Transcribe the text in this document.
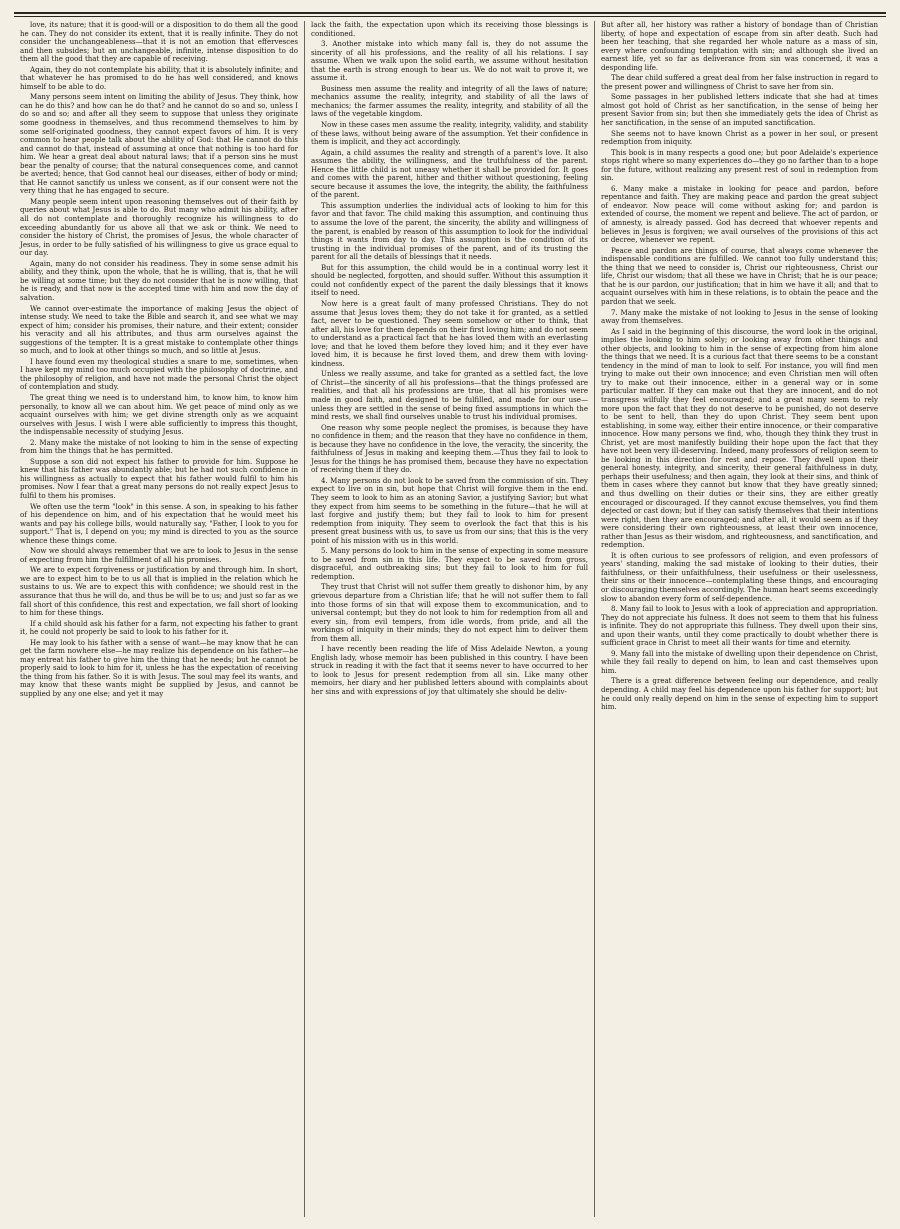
love, its nature; that it is good-will or a disposition to do them all the good he can. They do not consider its extent, that it is really infinite. They do not consider the unchangeableness—that it is not an emotion that effervesces and then subsides; but an unchangeable, infinite, intense disposition to do them all the good that they are capable of receiving.

Again, they do not contemplate his ability, that it is absolutely infinite; and that whatever he has promised to do he has well considered, and knows himself to be able to do.

Many persons seem intent on limiting the ability of Jesus. They think, how can he do this? and how can he do that? and he cannot do so and so, unless I do so and so; and after all they seem to suppose that unless they originate some goodness in themselves, and thus recommend themselves to him by some self-originated goodness, they cannot expect favors of him. It is very common to hear people talk about the ability of God: that He cannot do this and cannot do that, instead of assuming at once that nothing is too hard for him. We hear a great deal about natural laws; that if a person sins he must bear the penalty of course; that the natural consequences come, and cannot be averted; hence, that God cannot heal our diseases, either of body or mind; that He cannot sanctify us unless we consent, as if our consent were not the very thing that he has engaged to secure.

Many people seem intent upon reasoning themselves out of their faith by queries about what Jesus is able to do. But many who admit his ability, after all do not contemplate and thoroughly recognize his willingness to do exceeding abundantly for us above all that we ask or think. We need to consider the history of Christ, the promises of Jesus, the whole character of Jesus, in order to be fully satisfied of his willingness to give us grace equal to our day.

Again, many do not consider his readiness. They in some sense admit his ability, and they think, upon the whole, that he is willing, that is, that he will be willing at some time; but they do not consider that he is now willing, that he is ready, and that now is the accepted time with him and now the day of salvation.

We cannot over-estimate the importance of making Jesus the object of intense study. We need to take the Bible and search it, and see what we may expect of him; consider his promises, their nature, and their extent; consider his veracity and all his attributes, and thus arm ourselves against the suggestions of the tempter. It is a great mistake to contemplate other things so much, and to look at other things so much, and so little at Jesus.

I have found even my theological studies a snare to me, sometimes, when I have kept my mind too much occupied with the philosophy of doctrine, and the philosophy of religion, and have not made the personal Christ the object of contemplation and study.

The great thing we need is to understand him, to know him, to know him personally, to know all we can about him. We get peace of mind only as we acquaint ourselves with him; we get divine strength only as we acquaint ourselves with Jesus. I wish I were able sufficiently to impress this thought, the indispensable necessity of studying Jesus.

2. Many make the mistake of not looking to him in the sense of expecting from him the things that he has permitted.

Suppose a son did not expect his father to provide for him. Suppose he knew that his father was abundantly able; but he had not such confidence in his willingness as actually to expect that his father would fulfil to him his promises. Now I fear that a great many persons do not really expect Jesus to fulfil to them his promises.

We often use the term "look" in this sense. A son, in speaking to his father of his dependence on him, and of his expectation that he would meet his wants and pay his college bills, would naturally say, "Father, I look to you for support." That is, I depend on you; my mind is directed to you as the source whence these things come.

Now we should always remember that we are to look to Jesus in the sense of expecting from him the fulfillment of all his promises.

We are to expect forgiveness or justification by and through him. In short, we are to expect him to be to us all that is implied in the relation which he sustains to us. We are to expect this with confidence; we should rest in the assurance that thus he will do, and thus be will be to us; and just so far as we fall short of this confidence, this rest and expectation, we fall short of looking to him for these things.

If a child should ask his father for a farm, not expecting his father to grant it, he could not properly be said to look to his father for it.

He may look to his father with a sense of want—he may know that he can get the farm nowhere else—he may realize his dependence on his father—he may entreat his father to give him the thing that he needs; but he cannot be properly said to look to him for it, unless he has the expectation of receiving the thing from his father. So it is with Jesus. The soul may feel its wants, and may know that these wants might be supplied by Jesus, and cannot be supplied by any one else; and yet it may

lack the faith, the expectation upon which its receiving those blessings is conditioned.

3. Another mistake into which many fall is, they do not assume the sincerity of all his professions, and the reality of all his relations. I say assume. When we walk upon the solid earth, we assume without hesitation that the earth is strong enough to bear us. We do not wait to prove it, we assume it.

Business men assume the reality and integrity of all the laws of nature; mechanics assume the reality, integrity, and stability of all the laws of mechanics; the farmer assumes the reality, integrity, and stability of all the laws of the vegetable kingdom.

Now in these cases men assume the reality, integrity, validity, and stability of these laws, without being aware of the assumption. Yet their confidence in them is implicit, and they act accordingly.

Again, a child assumes the reality and strength of a parent's love. It also assumes the ability, the willingness, and the truthfulness of the parent. Hence the little child is not uneasy whether it shall be provided for. It goes and comes with the parent, hither and thither without questioning, feeling secure because it assumes the love, the integrity, the ability, the faithfulness of the parent.

This assumption underlies the individual acts of looking to him for this favor and that favor. The child making this assumption, and continuing thus to assume the love of the parent, the sincerity, the ability and willingness of the parent, is enabled by reason of this assumption to look for the individual things it wants from day to day. This assumption is the condition of its trusting in the individual promises of the parent, and of its trusting the parent for all the details of blessings that it needs.

But for this assumption, the child would be in a continual worry lest it should be neglected, forgotten, and should suffer. Without this assumption it could not confidently expect of the parent the daily blessings that it knows itself to need.

Now here is a great fault of many professed Christians. They do not assume that Jesus loves them; they do not take it for granted, as a settled fact, never to be questioned. They seem somehow or other to think, that after all, his love for them depends on their first loving him; and do not seem to understand as a practical fact that he has loved them with an everlasting love; and that he loved them before they loved him; and it they ever have loved him, it is because he first loved them, and drew them with loving-kindness.

Unless we really assume, and take for granted as a settled fact, the love of Christ—the sincerity of all his professions—that the things professed are realities, and that all his professions are true, that all his promises were made in good faith, and designed to be fulfilled, and made for our use—unless they are settled in the sense of being fixed assumptions in which the mind rests, we shall find ourselves unable to trust his individual promises.

One reason why some people neglect the promises, is because they have no confidence in them; and the reason that they have no confidence in them, is because they have no confidence in the love, the veracity, the sincerity, the faithfulness of Jesus in making and keeping them.—Thus they fail to look to Jesus for the things he has promised them, because they have no expectation of receiving them if they do.

4. Many persons do not look to be saved from the commission of sin. They expect to live on in sin, but hope that Christ will forgive them in the end. They seem to look to him as an atoning Savior, a justifying Savior; but what they expect from him seems to be something in the future—that he will at last forgive and justify them; but they fail to look to him for present redemption from iniquity. They seem to overlook the fact that this is his present great business with us, to save us from our sins; that this is the very point of his mission with us in this world.

5. Many persons do look to him in the sense of expecting in some measure to be saved from sin in this life. They expect to be saved from gross, disgraceful, and outbreaking sins; but they fail to look to him for full redemption.

They trust that Christ will not suffer them greatly to dishonor him, by any grievous departure from a Christian life; that he will not suffer them to fall into those forms of sin that will expose them to excommunication, and to universal contempt; but they do not look to him for redemption from all and every sin, from evil tempers, from idle words, from pride, and all the workings of iniquity in their minds; they do not expect him to deliver them from them all.

I have recently been reading the life of Miss Adelaide Newton, a young English lady, whose memoir has been published in this country. I have been struck in reading it with the fact that it seems never to have occurred to her to look to Jesus for present redemption from all sin. Like many other memoirs, her diary and her published letters abound with complaints about her sins and with expressions of joy that ultimately she should be deliv-

But after all, her history was rather a history of bondage than of Christian liberty, of hope and expectation of escape from sin after death. Such had been her teaching, that she regarded her whole nature as a mass of sin, every where confounding temptation with sin; and although she lived an earnest life, yet so far as deliverance from sin was concerned, it was a desponding life.

The dear child suffered a great deal from her false instruction in regard to the present power and willingness of Christ to save her from sin.

Some passages in her published letters indicate that she had at times almost got hold of Christ as her sanctification, in the sense of being her present Savior from sin; but then she immediately gets the idea of Christ as her sanctification, in the sense of an imputed sanctification.

She seems not to have known Christ as a power in her soul, or present redemption from iniquity.

This book is in many respects a good one; but poor Adelaide's experience stops right where so many experiences do—they go no farther than to a hope for the future, without realizing any present rest of soul in redemption from sin.

6. Many make a mistake in looking for peace and pardon, before repentance and faith. They are making peace and pardon the great subject of endeavor. Now peace will come without asking for; and pardon is extended of course, the moment we repent and believe. The act of pardon, or of amnesty, is already passed. God has decreed that whoever repents and believes in Jesus is forgiven; we avail ourselves of the provisions of this act or decree, whenever we repent.

Peace and pardon are things of course, that always come whenever the indispensable conditions are fulfilled. We cannot too fully understand this; the thing that we need to consider is, Christ our righteousness, Christ our life, Christ our wisdom; that all these we have in Christ; that he is our peace; that he is our pardon, our justification; that in him we have it all; and that to acquaint ourselves with him in these relations, is to obtain the peace and the pardon that we seek.

7. Many make the mistake of not looking to Jesus in the sense of looking away from themselves.

As I said in the beginning of this discourse, the word look in the original, implies the looking to him solely; or looking away from other things and other objects, and looking to him in the sense of expecting from him alone the things that we need. It is a curious fact that there seems to be a constant tendency in the mind of man to look to self. For instance, you will find men trying to make out their own innocence; and even Christian men will often try to make out their innocence, either in a general way or in some particular matter. If they can make out that they are innocent, and do not transgress wilfully they feel encouraged; and a great many seem to rely more upon the fact that they do not deserve to be punished, do not deserve to be sent to hell, than they do upon Christ. They seem bent upon establishing, in some way, either their entire innocence, or their comparative innocence. How many persons we find, who, though they think they trust in Christ, yet are most manifestly building their hope upon the fact that they have not been very ill-deserving. Indeed, many professors of religion seem to be looking in this direction for rest and repose. They dwell upon their general honesty, integrity, and sincerity, their general faithfulness in duty, perhaps their usefulness; and then again, they look at their sins, and think of them in cases where they cannot but know that they have greatly sinned; and thus dwelling on their duties or their sins, they are either greatly encouraged or discouraged. If they cannot excuse themselves, you find them dejected or cast down; but if they can satisfy themselves that their intentions were right, then they are encouraged; and after all, it would seem as if they were considering their own righteousness, at least their own innocence, rather than Jesus as their wisdom, and righteousness, and sanctification, and redemption.

It is often curious to see professors of religion, and even professors of years' standing, making the sad mistake of looking to their duties, their faithfulness, or their unfaithfulness, their usefulness or their uselessness, their sins or their innocence—contemplating these things, and encouraging or discouraging themselves accordingly. The human heart seems exceedingly slow to abandon every form of self-dependence.

8. Many fail to look to Jesus with a look of appreciation and appropriation. They do not appreciate his fulness. It does not seem to them that his fulness is infinite. They do not appropriate this fullness. They dwell upon their sins, and upon their wants, until they come practically to doubt whether there is sufficient grace in Christ to meet all their wants for time and eternity.

9. Many fall into the mistake of dwelling upon their dependence on Christ, while they fail really to depend on him, to lean and cast themselves upon him.

There is a great difference between feeling our dependence, and really depending. A child may feel his dependence upon his father for support; but he could only really depend on him in the sense of expecting him to support him.
